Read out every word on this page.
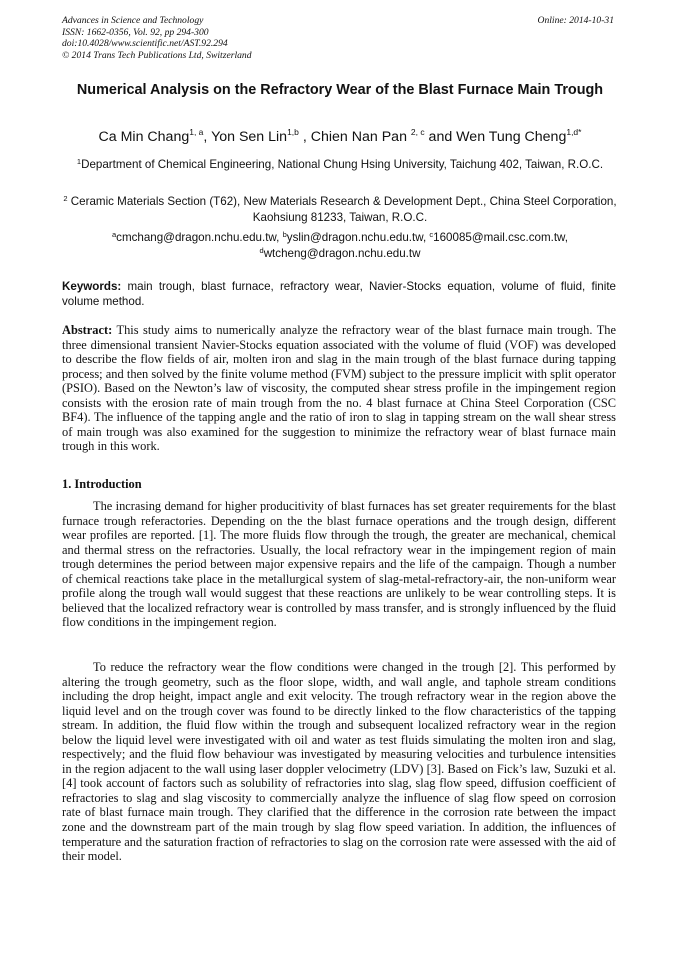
Advances in Science and Technology
ISSN: 1662-0356, Vol. 92, pp 294-300
doi:10.4028/www.scientific.net/AST.92.294
© 2014 Trans Tech Publications Ltd, Switzerland
Online: 2014-10-31
Numerical Analysis on the Refractory Wear of the Blast Furnace Main Trough
Ca Min Chang$^{1, a}$, Yon Sen Lin$^{1,b}$ , Chien Nan Pan $^{2, c}$ and Wen Tung Cheng$^{1,d*}$
$^1$Department of Chemical Engineering, National Chung Hsing University, Taichung 402, Taiwan, R.O.C.
$^2$ Ceramic Materials Section (T62), New Materials Research & Development Dept., China Steel Corporation, Kaohsiung 81233, Taiwan, R.O.C.
$^a$cmchang@dragon.nchu.edu.tw, $^b$yslin@dragon.nchu.edu.tw, $^c$160085@mail.csc.com.tw,
$^d$wtcheng@dragon.nchu.edu.tw
Keywords: main trough, blast furnace, refractory wear, Navier-Stocks equation, volume of fluid, finite volume method.
Abstract: This study aims to numerically analyze the refractory wear of the blast furnace main trough. The three dimensional transient Navier-Stocks equation associated with the volume of fluid (VOF) was developed to describe the flow fields of air, molten iron and slag in the main trough of the blast furnace during tapping process; and then solved by the finite volume method (FVM) subject to the pressure implicit with split operator (PSIO). Based on the Newton’s law of viscosity, the computed shear stress profile in the impingement region consists with the erosion rate of main trough from the no. 4 blast furnace at China Steel Corporation (CSC BF4). The influence of the tapping angle and the ratio of iron to slag in tapping stream on the wall shear stress of main trough was also examined for the suggestion to minimize the refractory wear of blast furnace main trough in this work.
1. Introduction

The incrasing demand for higher producitivity of blast furnaces has set greater requirements for the blast furnace trough referactories. Depending on the the blast furnace operations and the trough design, different wear profiles are reported. [1]. The more fluids flow through the trough, the greater are mechanical, chemical and thermal stress on the refractories. Usually, the local refractory wear in the impingement region of main trough determines the period between major expensive repairs and the life of the campaign. Though a number of chemical reactions take place in the metallurgical system of slag-metal-refractory-air, the non-uniform wear profile along the trough wall would suggest that these reactions are unlikely to be wear controlling steps. It is believed that the localized refractory wear is controlled by mass transfer, and is strongly influenced by the fluid flow conditions in the impingement region.

To reduce the refractory wear the flow conditions were changed in the trough [2]. This performed by altering the trough geometry, such as the floor slope, width, and wall angle, and taphole stream conditions including the drop height, impact angle and exit velocity. The trough refractory wear in the region above the liquid level and on the trough cover was found to be directly linked to the flow characteristics of the tapping stream. In addition, the fluid flow within the trough and subsequent localized refractory wear in the region below the liquid level were investigated with oil and water as test fluids simulating the molten iron and slag, respectively; and the fluid flow behaviour was investigated by measuring velocities and turbulence intensities in the region adjacent to the wall using laser doppler velocimetry (LDV) [3]. Based on Fick’s law, Suzuki et al. [4] took account of factors such as solubility of refractories into slag, slag flow speed, diffusion coefficient of refractories to slag and slag viscosity to commercially analyze the influence of slag flow speed on corrosion rate of blast furnace main trough. They clarified that the difference in the corrosion rate between the impact zone and the downstream part of the main trough by slag flow speed variation. In addition, the influences of temperature and the saturation fraction of refractories to slag on the corrosion rate were assessed with the aid of their model.
